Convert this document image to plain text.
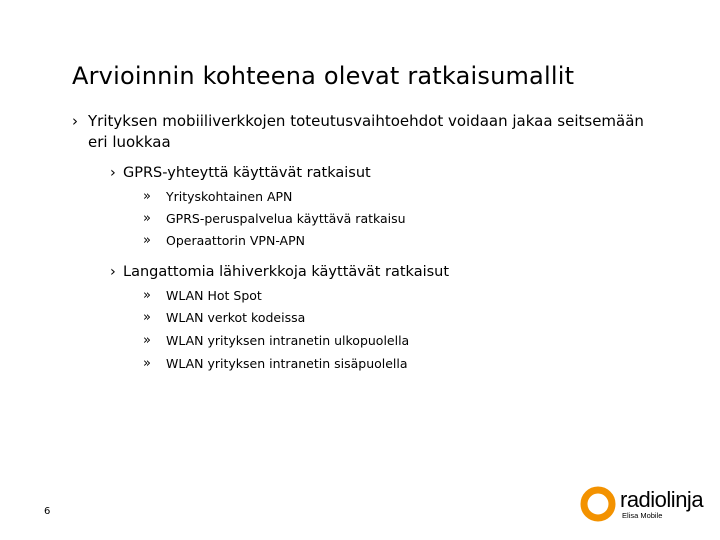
Arvioinnin kohteena olevat ratkaisumallit
› Yrityksen mobiiliverkkojen toteutusvaihtoehdot voidaan jakaa seitsemään eri luokkaa
› GPRS-yhteyttä käyttävät ratkaisut
»	Yrityskohtainen APN
»	GPRS-peruspalvelua käyttävä ratkaisu
»	Operaattorin VPN-APN
› Langattomia lähiverkkoja käyttävät ratkaisut
»	WLAN Hot Spot
»	WLAN verkot kodeissa
»	WLAN yrityksen intranetin ulkopuolella
»	WLAN yrityksen intranetin sisäpuolella
6	radiolinja
Elisa Mobile
